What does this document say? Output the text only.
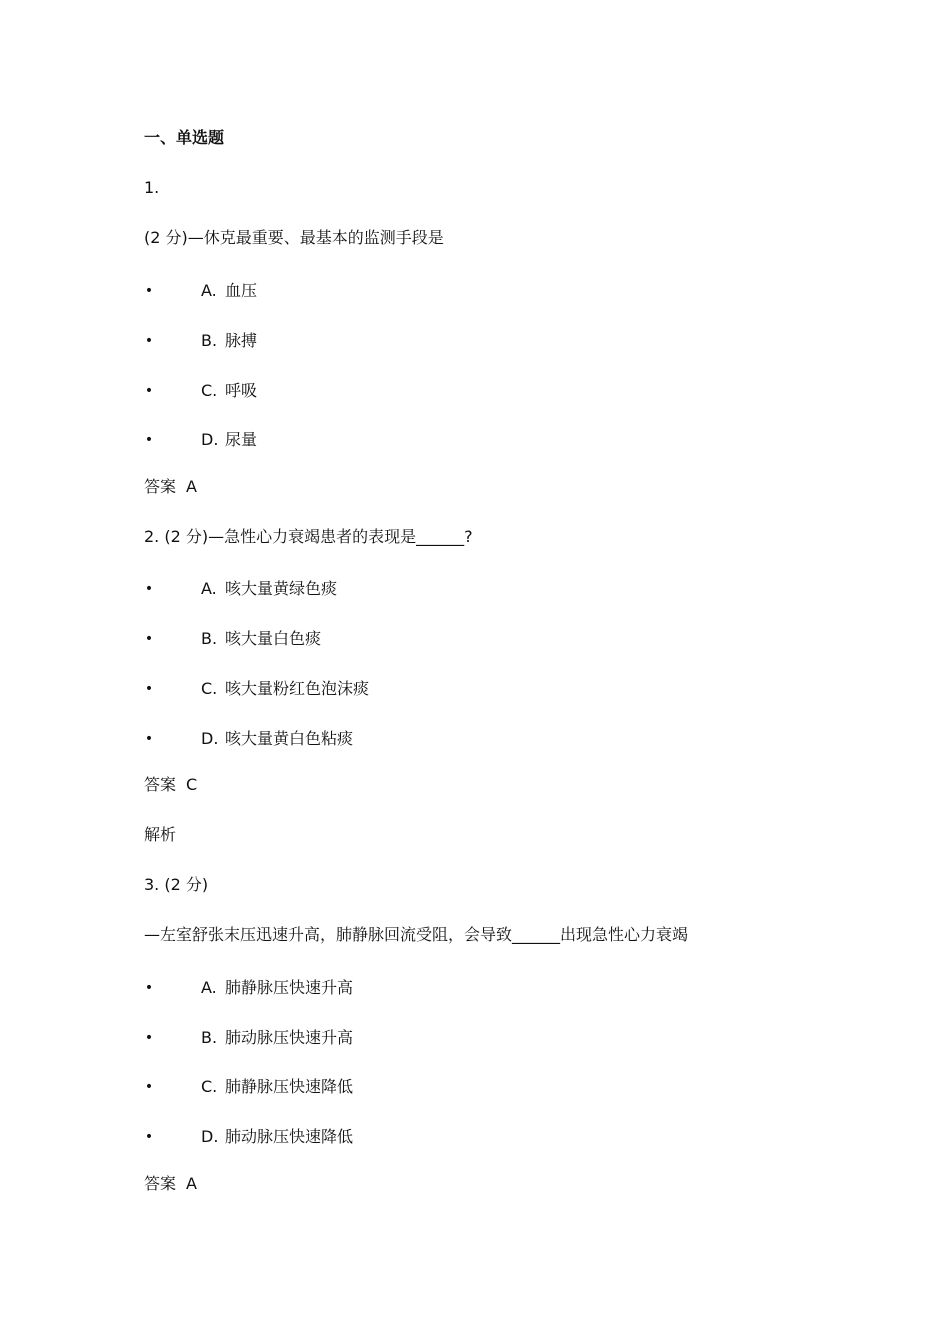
一、单选题
1.
(2 分)—休克最重要、最基本的监测手段是
•	A. 血压
•	B. 脉搏
•	C. 呼吸
•	D. 尿量
答案 A
2. (2 分)—急性心力衰竭患者的表现是______?
•	A. 咳大量黄绿色痰
•	B. 咳大量白色痰
•	C. 咳大量粉红色泡沫痰
•	D. 咳大量黄白色粘痰
答案 C
解析
3. (2 分)
—左室舒张末压迅速升高，肺静脉回流受阻，会导致______出现急性心力衰竭
•	A. 肺静脉压快速升高
•	B. 肺动脉压快速升高
•	C. 肺静脉压快速降低
•	D. 肺动脉压快速降低
答案 A
